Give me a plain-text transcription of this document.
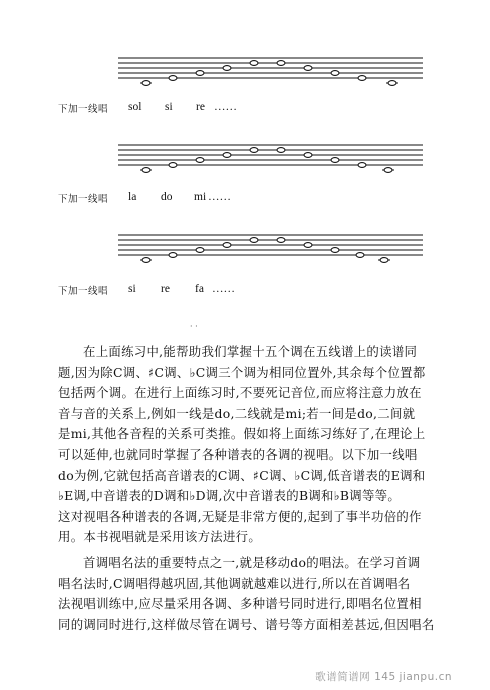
下加一线唱 sol si re ……
下加一线唱 la do mi ……
下加一线唱 si re fa ……
· ·
在上面练习中,能帮助我们掌握十五个调在五线谱上的读谱同
题,因为除C调、♯C调、♭C调三个调为相同位置外,其余每个位置都
包括两个调。在进行上面练习时,不要死记音位,而应将注意力放在
音与音的关系上,例如一线是do,二线就是mi;若一间是do,二间就
是mi,其他各音程的关系可类推。假如将上面练习练好了,在理论上
可以延伸,也就同时掌握了各种谱表的各调的视唱。以下加一线唱
do为例,它就包括高音谱表的C调、♯C调、♭C调,低音谱表的E调和
♭E调,中音谱表的D调和♭D调,次中音谱表的B调和♭B调等等。
这对视唱各种谱表的各调,无疑是非常方便的,起到了事半功倍的作
用。本书视唱就是采用该方法进行。
首调唱名法的重要特点之一,就是移动do的唱法。在学习首调
唱名法时,C调唱得越巩固,其他调就越难以进行,所以在首调唱名
法视唱训练中,应尽量采用各调、多种谱号同时进行,即唱名位置相
同的调同时进行,这样做尽管在调号、谱号等方面相差甚远,但因唱名
歌谱简谱网 145 jianpu.cn
